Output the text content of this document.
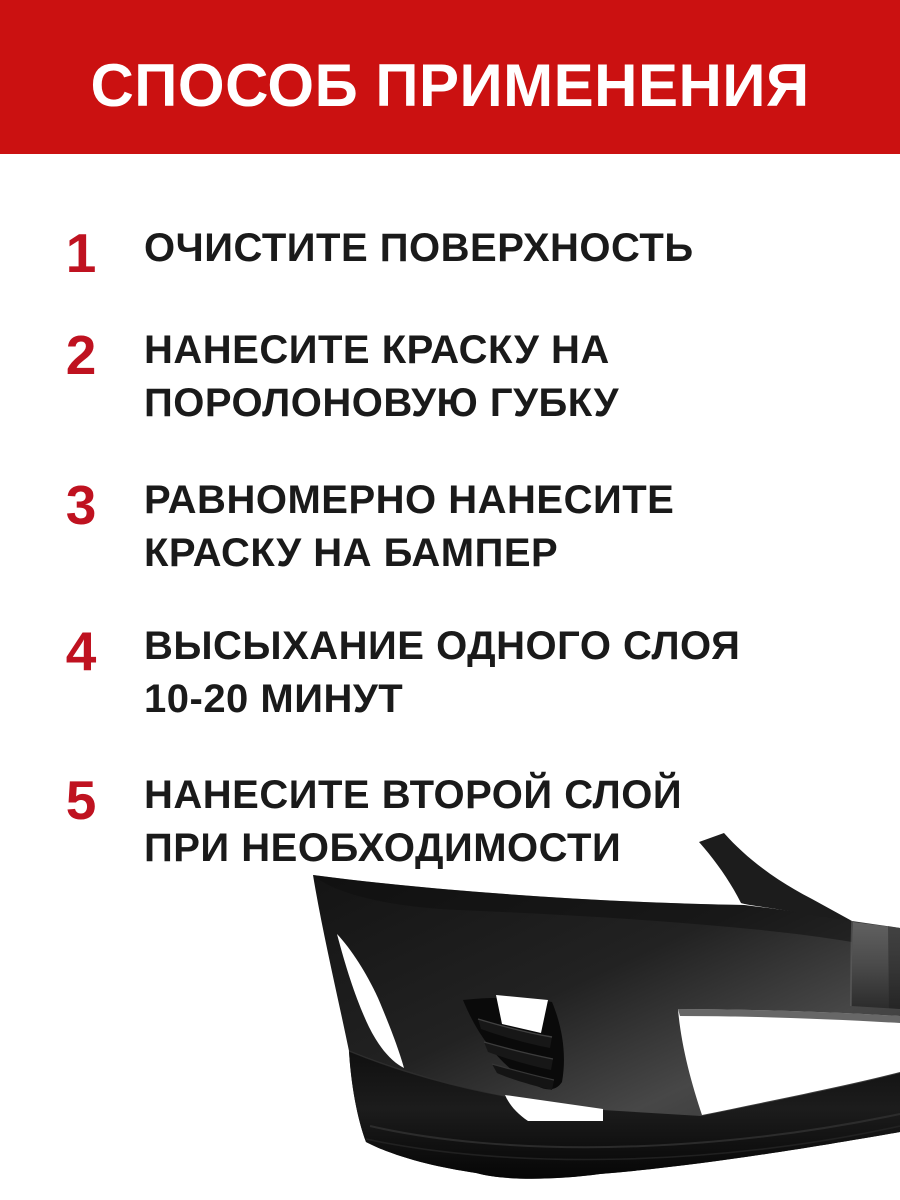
СПОСОБ ПРИМЕНЕНИЯ
1	ОЧИСТИТЕ ПОВЕРХНОСТЬ
2	НАНЕСИТЕ КРАСКУ НА
ПОРОЛОНОВУЮ ГУБКУ
3	РАВНОМЕРНО НАНЕСИТЕ
КРАСКУ НА БАМПЕР
4	ВЫСЫХАНИЕ ОДНОГО СЛОЯ
10-20 МИНУТ
5	НАНЕСИТЕ ВТОРОЙ СЛОЙ
ПРИ НЕОБХОДИМОСТИ
